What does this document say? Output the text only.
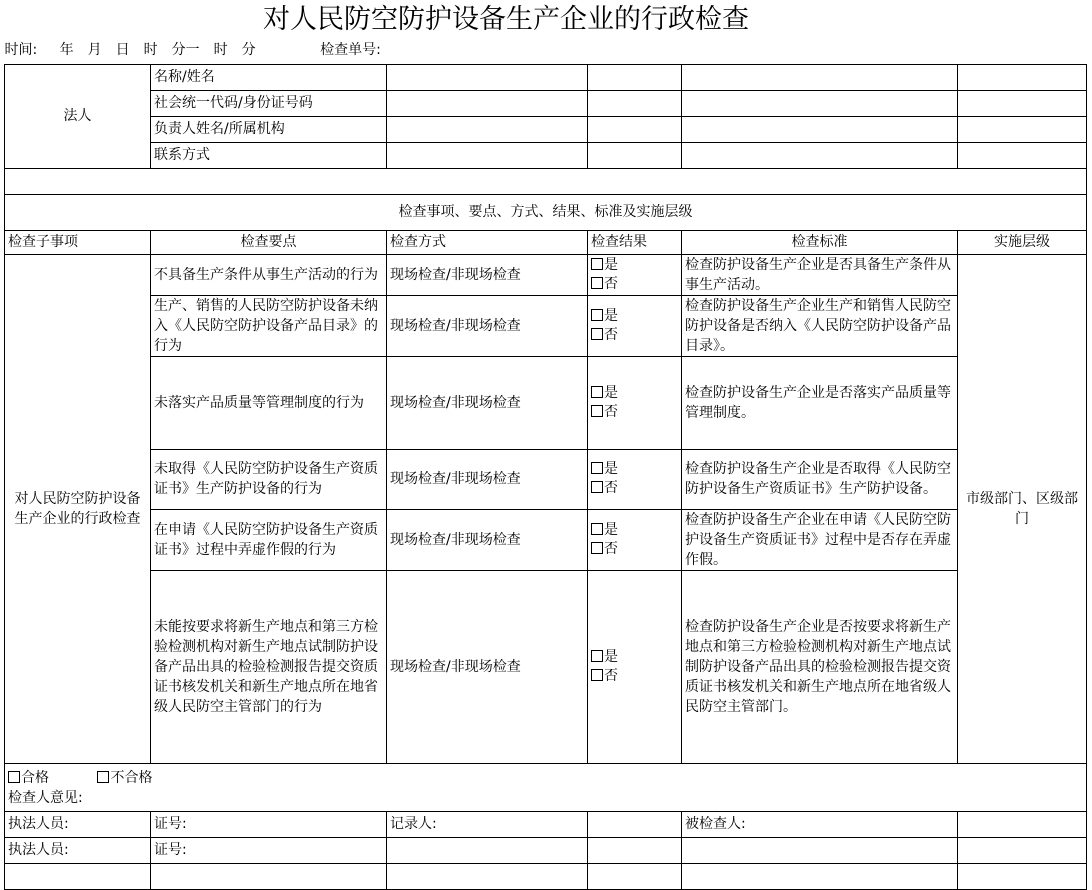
对人民防空防护设备生产企业的行政检查
时间: 年　月　日　时　分一　时　分 检查单号:					
法人	名称/姓名				
	社会统一代码/身份证号码				
	负责人姓名/所属机构				
	联系方式				

检查事项、要点、方式、结果、标准及实施层级					
检查子事项	检查要点	检查方式	检查结果	检查标准	实施层级
对人民防空防护设备生产企业的行政检查	不具备生产条件从事生产活动的行为	现场检查/非现场检查	是
否	检查防护设备生产企业是否具备生产条件从事生产活动。	市级部门、区级部门
	生产、销售的人民防空防护设备未纳入《人民防空防护设备产品目录》的行为	现场检查/非现场检查	是
否	检查防护设备生产企业生产和销售人民防空防护设备是否纳入《人民防空防护设备产品目录》。	
	未落实产品质量等管理制度的行为	现场检查/非现场检查	是
否	检查防护设备生产企业是否落实产品质量等管理制度。	
	未取得《人民防空防护设备生产资质证书》生产防护设备的行为	现场检查/非现场检查	是
否	检查防护设备生产企业是否取得《人民防空防护设备生产资质证书》生产防护设备。	
	在申请《人民防空防护设备生产资质证书》过程中弄虚作假的行为	现场检查/非现场检查	是
否	检查防护设备生产企业在申请《人民防空防护设备生产资质证书》过程中是否存在弄虚作假。	
	未能按要求将新生产地点和第三方检验检测机构对新生产地点试制防护设备产品出具的检验检测报告提交资质证书核发机关和新生产地点所在地省级人民防空主管部门的行为	现场检查/非现场检查	是
否	检查防护设备生产企业是否按要求将新生产地点和第三方检验检测机构对新生产地点试制防护设备产品出具的检验检测报告提交资质证书核发机关和新生产地点所在地省级人民防空主管部门。	

合格 不合格
检查人意见:					

执法人员:	证号:	记录人:		被检查人:	
执法人员:	证号:				
